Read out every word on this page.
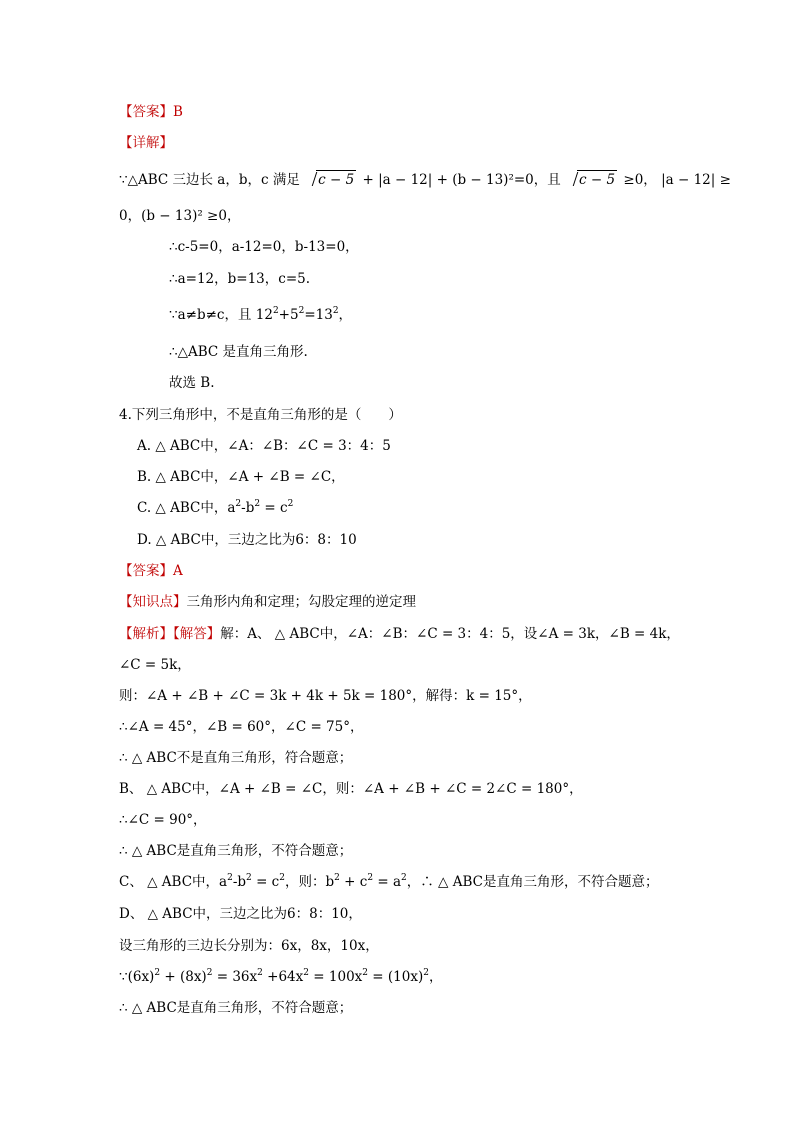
【答案】B
【详解】
∵△ABC 三边长 a，b，c 满足 c − 5 + |a − 12| + (b − 13)²=0，且 c − 5 ≥0， |a − 12| ≥
0，(b − 13)² ≥0，
∴c-5=0，a-12=0，b-13=0，
∴a=12，b=13，c=5.
∵a≠b≠c，且 $12^2+5^2=13^2$，
∴△ABC 是直角三角形.
故选 B.
4.下列三角形中，不是直角三角形的是（　　）
A. △ ABC中，∠A：∠B：∠C = 3：4：5
B. △ ABC中，∠A + ∠B = ∠C，
C. △ ABC中，$a^2-b^2 = c^2$
D. △ ABC中，三边之比为6：8：10
【答案】A
【知识点】三角形内角和定理；勾股定理的逆定理
【解析】【解答】解：A、 △ ABC中，∠A：∠B：∠C = 3：4：5，设∠A = 3k，∠B = 4k，
∠C = 5k，
则：∠A + ∠B + ∠C = 3k + 4k + 5k = 180°，解得：k = 15°，
∴∠A = 45°，∠B = 60°，∠C = 75°，
∴ △ ABC不是直角三角形，符合题意；
B、 △ ABC中，∠A + ∠B = ∠C，则：∠A + ∠B + ∠C = 2∠C = 180°，
∴∠C = 90°，
∴ △ ABC是直角三角形，不符合题意；
C、 △ ABC中，$a^2-b^2 = c^2$，则：$b^2 + c^2 = a^2$，∴ △ ABC是直角三角形，不符合题意；
D、 △ ABC中，三边之比为6：8：10，
设三角形的三边长分别为：6x，8x，10x，
$\because(6x)^2 + (8x)^2 = 36x^2 +64x^2 = 100x^2 = (10x)^2$，
∴ △ ABC是直角三角形，不符合题意；
